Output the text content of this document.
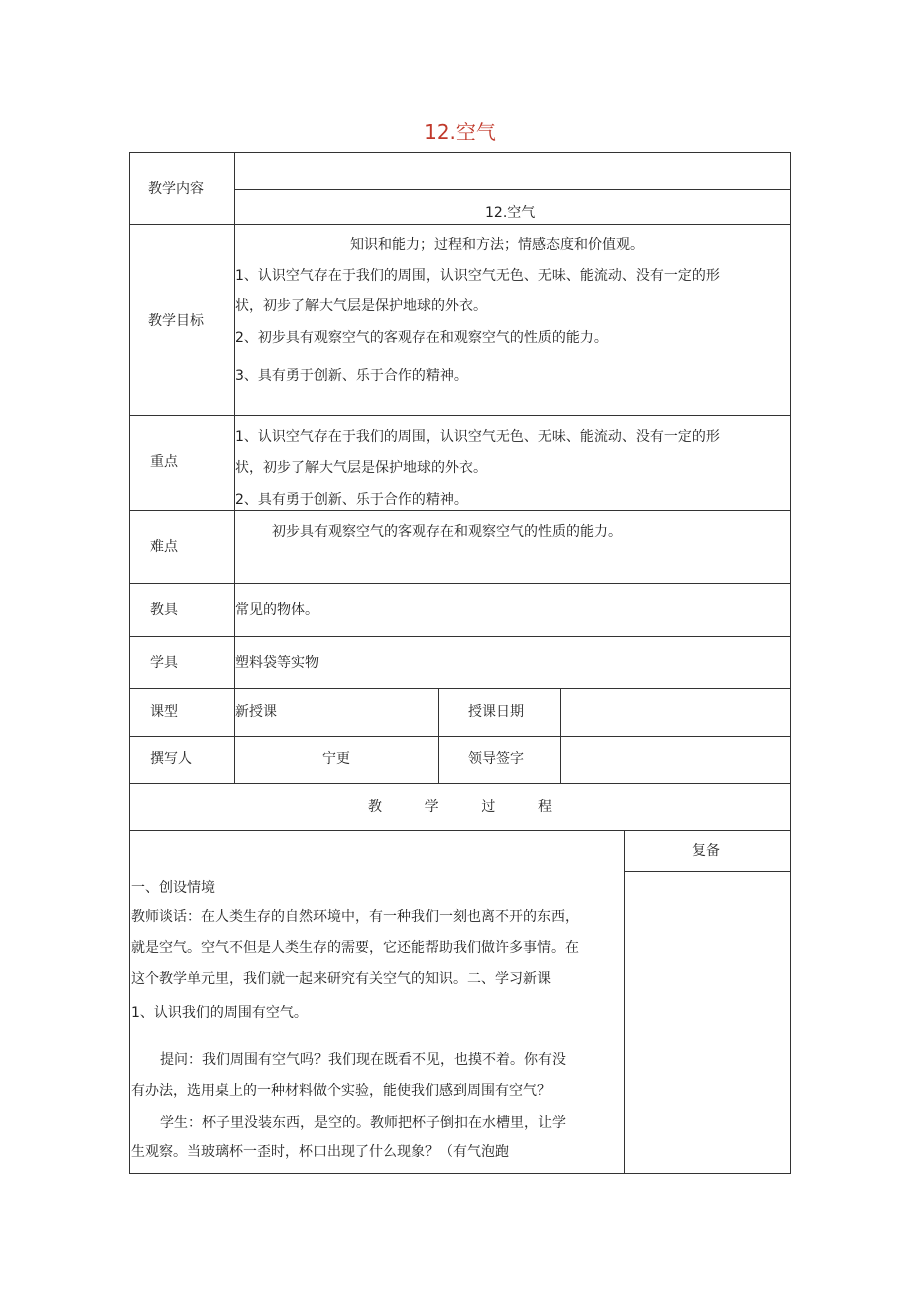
12.空气
教学内容
12.空气
教学目标
知识和能力；过程和方法；情感态度和价值观。
1、认识空气存在于我们的周围，认识空气无色、无味、能流动、没有一定的形
状，初步了解大气层是保护地球的外衣。
2、初步具有观察空气的客观存在和观察空气的性质的能力。
3、具有勇于创新、乐于合作的精神。
重点
1、认识空气存在于我们的周围，认识空气无色、无味、能流动、没有一定的形
状，初步了解大气层是保护地球的外衣。
2、具有勇于创新、乐于合作的精神。
难点
初步具有观察空气的客观存在和观察空气的性质的能力。
教具	常见的物体。
学具	塑料袋等实物
课型	新授课	授课日期
撰写人	宁更	领导签字
教	学	过	程
复备
一、创设情境
教师谈话：在人类生存的自然环境中，有一种我们一刻也离不开的东西，
就是空气。空气不但是人类生存的需要，它还能帮助我们做许多事情。在
这个教学单元里，我们就一起来研究有关空气的知识。二、学习新课
1、认识我们的周围有空气。
提问：我们周围有空气吗？我们现在既看不见，也摸不着。你有没
有办法，选用桌上的一种材料做个实验，能使我们感到周围有空气？
学生：杯子里没装东西，是空的。教师把杯子倒扣在水槽里，让学
生观察。当玻璃杯一歪时，杯口出现了什么现象？（有气泡跑
